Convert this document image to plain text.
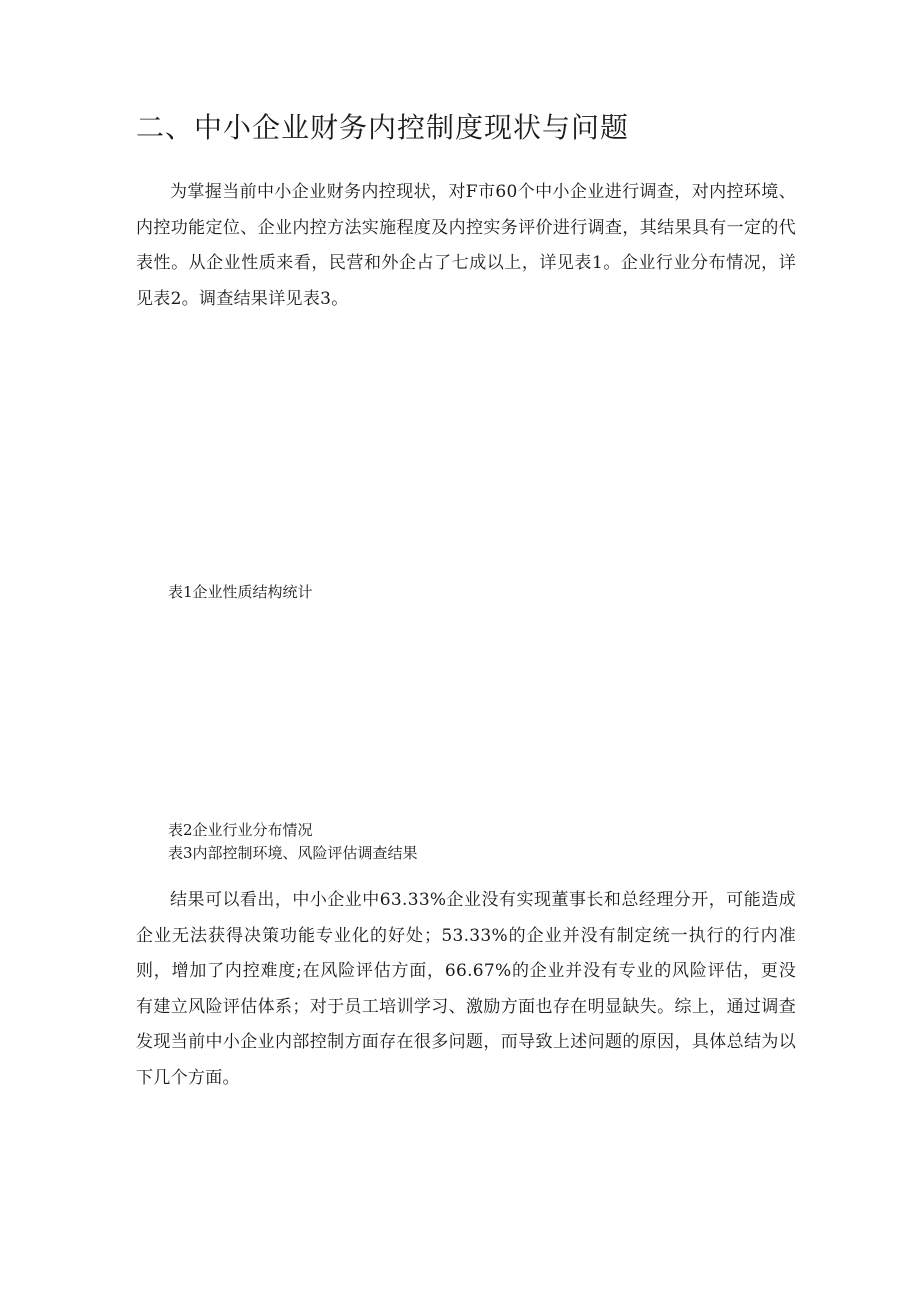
二、中小企业财务内控制度现状与问题

为掌握当前中小企业财务内控现状，对F市60个中小企业进行调查，对内控环境、内控功能定位、企业内控方法实施程度及内控实务评价进行调查，其结果具有一定的代表性。从企业性质来看，民营和外企占了七成以上，详见表1。企业行业分布情况，详见表2。调查结果详见表3。

表1企业性质结构统计

表2企业行业分布情况

表3内部控制环境、风险评估调查结果

结果可以看出，中小企业中63.33%企业没有实现董事长和总经理分开，可能造成企业无法获得决策功能专业化的好处；53.33%的企业并没有制定统一执行的行内准则，增加了内控难度;在风险评估方面，66.67%的企业并没有专业的风险评估，更没有建立风险评估体系；对于员工培训学习、激励方面也存在明显缺失。综上，通过调查发现当前中小企业内部控制方面存在很多问题，而导致上述问题的原因，具体总结为以下几个方面。
